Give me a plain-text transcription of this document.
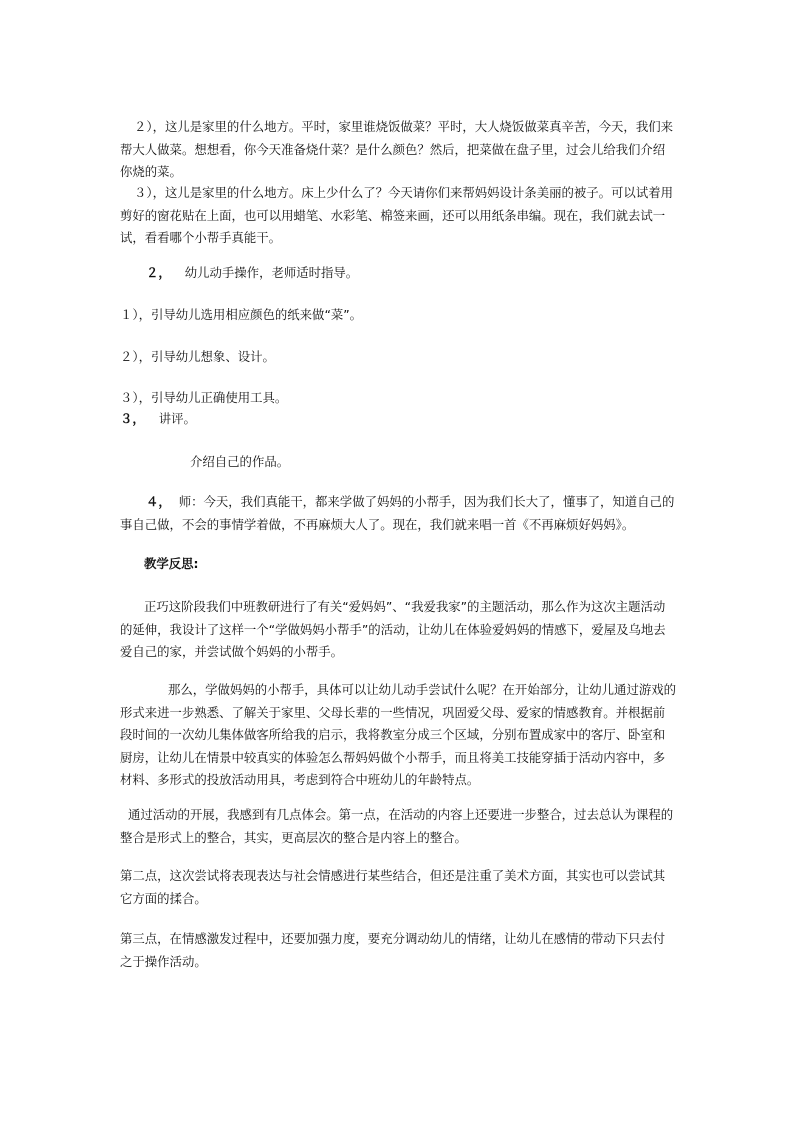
２），这儿是家里的什么地方。平时，家里谁烧饭做菜？平时，大人烧饭做菜真辛苦，今天，我们来帮大人做菜。想想看，你今天准备烧什菜？是什么颜色？然后，把菜做在盘子里，过会儿给我们介绍你烧的菜。

３），这儿是家里的什么地方。床上少什么了？今天请你们来帮妈妈设计条美丽的被子。可以试着用剪好的窗花贴在上面，也可以用蜡笔、水彩笔、棉签来画，还可以用纸条串编。现在，我们就去试一试，看看哪个小帮手真能干。

２， 幼儿动手操作，老师适时指导。

１），引导幼儿选用相应颜色的纸来做“菜”。

２），引导幼儿想象、设计。

３），引导幼儿正确使用工具。

３， 讲评。

介绍自己的作品。

４， 师：今天，我们真能干，都来学做了妈妈的小帮手，因为我们长大了，懂事了，知道自己的事自己做，不会的事情学着做，不再麻烦大人了。现在，我们就来唱一首《不再麻烦好妈妈》。

教学反思:

正巧这阶段我们中班教研进行了有关“爱妈妈”、“我爱我家”的主题活动，那么作为这次主题活动的延伸，我设计了这样一个“学做妈妈小帮手”的活动，让幼儿在体验爱妈妈的情感下，爱屋及乌地去爱自己的家，并尝试做个妈妈的小帮手。

那么，学做妈妈的小帮手，具体可以让幼儿动手尝试什么呢？在开始部分，让幼儿通过游戏的形式来进一步熟悉、了解关于家里、父母长辈的一些情况，巩固爱父母、爱家的情感教育。并根据前段时间的一次幼儿集体做客所给我的启示，我将教室分成三个区域，分别布置成家中的客厅、卧室和厨房，让幼儿在情景中较真实的体验怎么帮妈妈做个小帮手，而且将美工技能穿插于活动内容中，多材料、多形式的投放活动用具，考虑到符合中班幼儿的年龄特点。

通过活动的开展，我感到有几点体会。第一点，在活动的内容上还要进一步整合，过去总认为课程的整合是形式上的整合，其实，更高层次的整合是内容上的整合。

第二点，这次尝试将表现表达与社会情感进行某些结合，但还是注重了美术方面，其实也可以尝试其它方面的揉合。

第三点，在情感激发过程中，还要加强力度，要充分调动幼儿的情绪，让幼儿在感情的带动下只去付之于操作活动。
